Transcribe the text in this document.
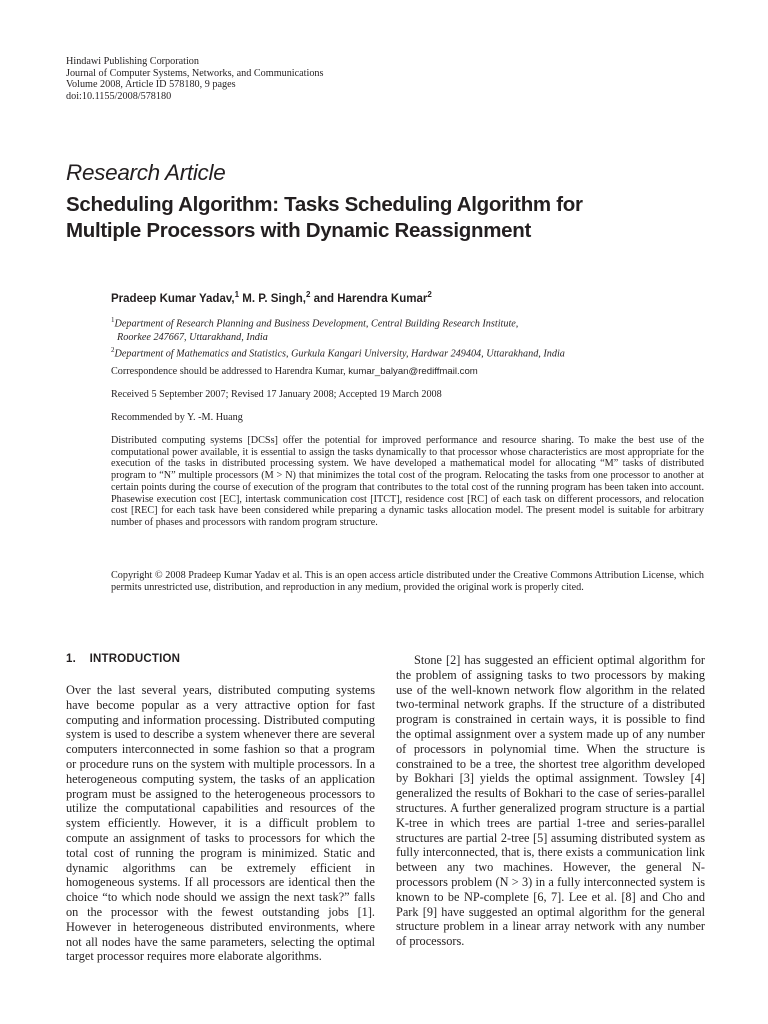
Hindawi Publishing Corporation
Journal of Computer Systems, Networks, and Communications
Volume 2008, Article ID 578180, 9 pages
doi:10.1155/2008/578180
Research Article
Scheduling Algorithm: Tasks Scheduling Algorithm for
Multiple Processors with Dynamic Reassignment
Pradeep Kumar Yadav,$^1$ M. P. Singh,$^2$ and Harendra Kumar$^2$
$^1$Department of Research Planning and Business Development, Central Building Research Institute,
Roorkee 247667, Uttarakhand, India
$^2$Department of Mathematics and Statistics, Gurkula Kangari University, Hardwar 249404, Uttarakhand, India
Correspondence should be addressed to Harendra Kumar, kumar_balyan@rediffmail.com
Received 5 September 2007; Revised 17 January 2008; Accepted 19 March 2008
Recommended by Y. -M. Huang

Distributed computing systems [DCSs] offer the potential for improved performance and resource sharing. To make the best use of the computational power available, it is essential to assign the tasks dynamically to that processor whose characteristics are most appropriate for the execution of the tasks in distributed processing system. We have developed a mathematical model for allocating “M” tasks of distributed program to “N” multiple processors (M > N) that minimizes the total cost of the program. Relocating the tasks from one processor to another at certain points during the course of execution of the program that contributes to the total cost of the running program has been taken into account. Phasewise execution cost [EC], intertask communication cost [ITCT], residence cost [RC] of each task on different processors, and relocation cost [REC] for each task have been considered while preparing a dynamic tasks allocation model. The present model is suitable for arbitrary number of phases and processors with random program structure.

Copyright © 2008 Pradeep Kumar Yadav et al. This is an open access article distributed under the Creative Commons Attribution License, which permits unrestricted use, distribution, and reproduction in any medium, provided the original work is properly cited.

1. INTRODUCTION

Over the last several years, distributed computing systems have become popular as a very attractive option for fast computing and information processing. Distributed computing system is used to describe a system whenever there are several computers interconnected in some fashion so that a program or procedure runs on the system with multiple processors. In a heterogeneous computing system, the tasks of an application program must be assigned to the heterogeneous processors to utilize the computational capabilities and resources of the system efficiently. However, it is a difficult problem to compute an assignment of tasks to processors for which the total cost of running the program is minimized. Static and dynamic algorithms can be extremely efficient in homogeneous systems. If all processors are identical then the choice “to which node should we assign the next task?” falls on the processor with the fewest outstanding jobs [1]. However in heterogeneous distributed environments, where not all nodes have the same parameters, selecting the optimal target processor requires more elaborate algorithms.

Stone [2] has suggested an efficient optimal algorithm for the problem of assigning tasks to two processors by making use of the well-known network flow algorithm in the related two-terminal network graphs. If the structure of a distributed program is constrained in certain ways, it is possible to find the optimal assignment over a system made up of any number of processors in polynomial time. When the structure is constrained to be a tree, the shortest tree algorithm developed by Bokhari [3] yields the optimal assignment. Towsley [4] generalized the results of Bokhari to the case of series-parallel structures. A further generalized program structure is a partial K-tree in which trees are partial 1-tree and series-parallel structures are partial 2-tree [5] assuming distributed system as fully interconnected, that is, there exists a communication link between any two machines. However, the general N-processors problem (N > 3) in a fully interconnected system is known to be NP-complete [6, 7]. Lee et al. [8] and Cho and Park [9] have suggested an optimal algorithm for the general structure problem in a linear array network with any number of processors.
